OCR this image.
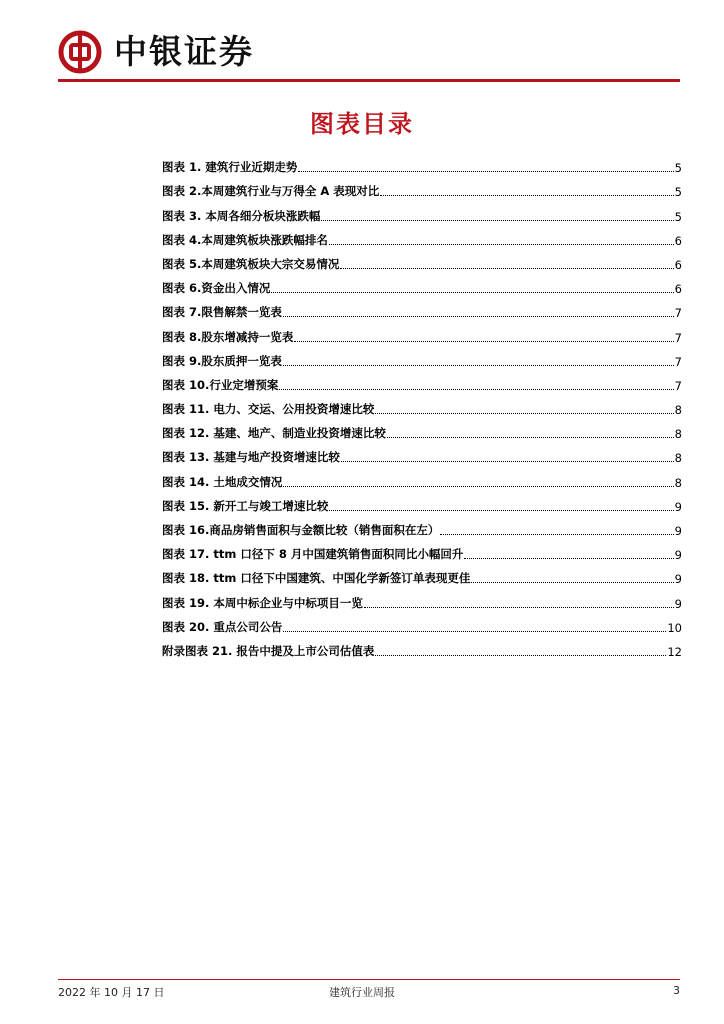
中银证券
图表目录
图表 1. 建筑行业近期走势	5
图表 2.本周建筑行业与万得全 A 表现对比	5
图表 3. 本周各细分板块涨跌幅	5
图表 4.本周建筑板块涨跌幅排名	6
图表 5.本周建筑板块大宗交易情况	6
图表 6.资金出入情况	6
图表 7.限售解禁一览表	7
图表 8.股东增减持一览表	7
图表 9.股东质押一览表	7
图表 10.行业定增预案	7
图表 11. 电力、交运、公用投资增速比较	8
图表 12. 基建、地产、制造业投资增速比较	8
图表 13. 基建与地产投资增速比较	8
图表 14. 土地成交情况	8
图表 15. 新开工与竣工增速比较	9
图表 16.商品房销售面积与金额比较（销售面积在左）	9
图表 17. ttm 口径下 8 月中国建筑销售面积同比小幅回升	9
图表 18. ttm 口径下中国建筑、中国化学新签订单表现更佳	9
图表 19. 本周中标企业与中标项目一览	9
图表 20. 重点公司公告	10
附录图表 21. 报告中提及上市公司估值表	12
2022 年 10 月 17 日	建筑行业周报	3
